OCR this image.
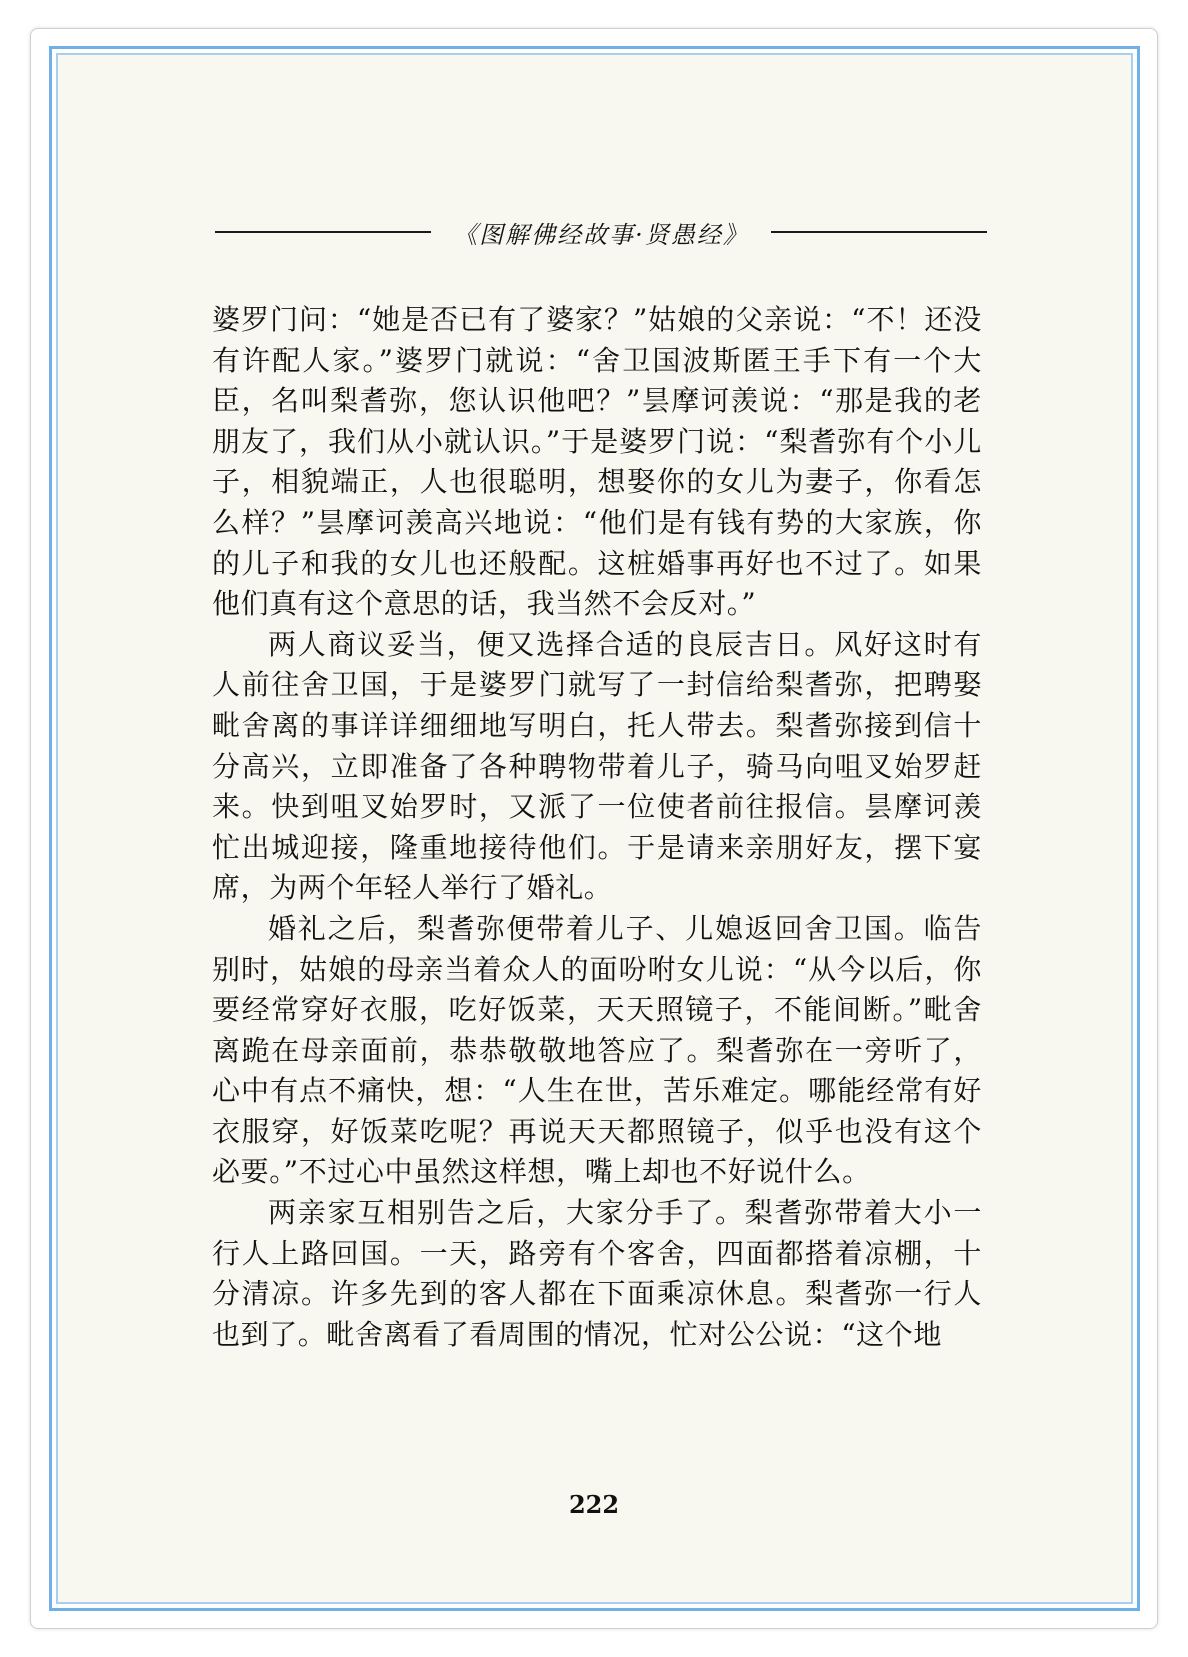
《图解佛经故事·贤愚经》

婆罗门问：“她是否已有了婆家？”姑娘的父亲说：“不！还没有许配人家。”婆罗门就说：“舍卫国波斯匿王手下有一个大臣，名叫梨耆弥，您认识他吧？”昙摩诃羡说：“那是我的老朋友了，我们从小就认识。”于是婆罗门说：“梨耆弥有个小儿子，相貌端正，人也很聪明，想娶你的女儿为妻子，你看怎么样？”昙摩诃羡高兴地说：“他们是有钱有势的大家族，你的儿子和我的女儿也还般配。这桩婚事再好也不过了。如果他们真有这个意思的话，我当然不会反对。”

两人商议妥当，便又选择合适的良辰吉日。风好这时有人前往舍卫国，于是婆罗门就写了一封信给梨耆弥，把聘娶毗舍离的事详详细细地写明白，托人带去。梨耆弥接到信十分高兴，立即准备了各种聘物带着儿子，骑马向咀叉始罗赶来。快到咀叉始罗时，又派了一位使者前往报信。昙摩诃羡忙出城迎接，隆重地接待他们。于是请来亲朋好友，摆下宴席，为两个年轻人举行了婚礼。

婚礼之后，梨耆弥便带着儿子、儿媳返回舍卫国。临告别时，姑娘的母亲当着众人的面吩咐女儿说：“从今以后，你要经常穿好衣服，吃好饭菜，天天照镜子，不能间断。”毗舍离跪在母亲面前，恭恭敬敬地答应了。梨耆弥在一旁听了，心中有点不痛快，想：“人生在世，苦乐难定。哪能经常有好衣服穿，好饭菜吃呢？再说天天都照镜子，似乎也没有这个必要。”不过心中虽然这样想，嘴上却也不好说什么。

两亲家互相别告之后，大家分手了。梨耆弥带着大小一行人上路回国。一天，路旁有个客舍，四面都搭着凉棚，十分清凉。许多先到的客人都在下面乘凉休息。梨耆弥一行人也到了。毗舍离看了看周围的情况，忙对公公说：“这个地

222
